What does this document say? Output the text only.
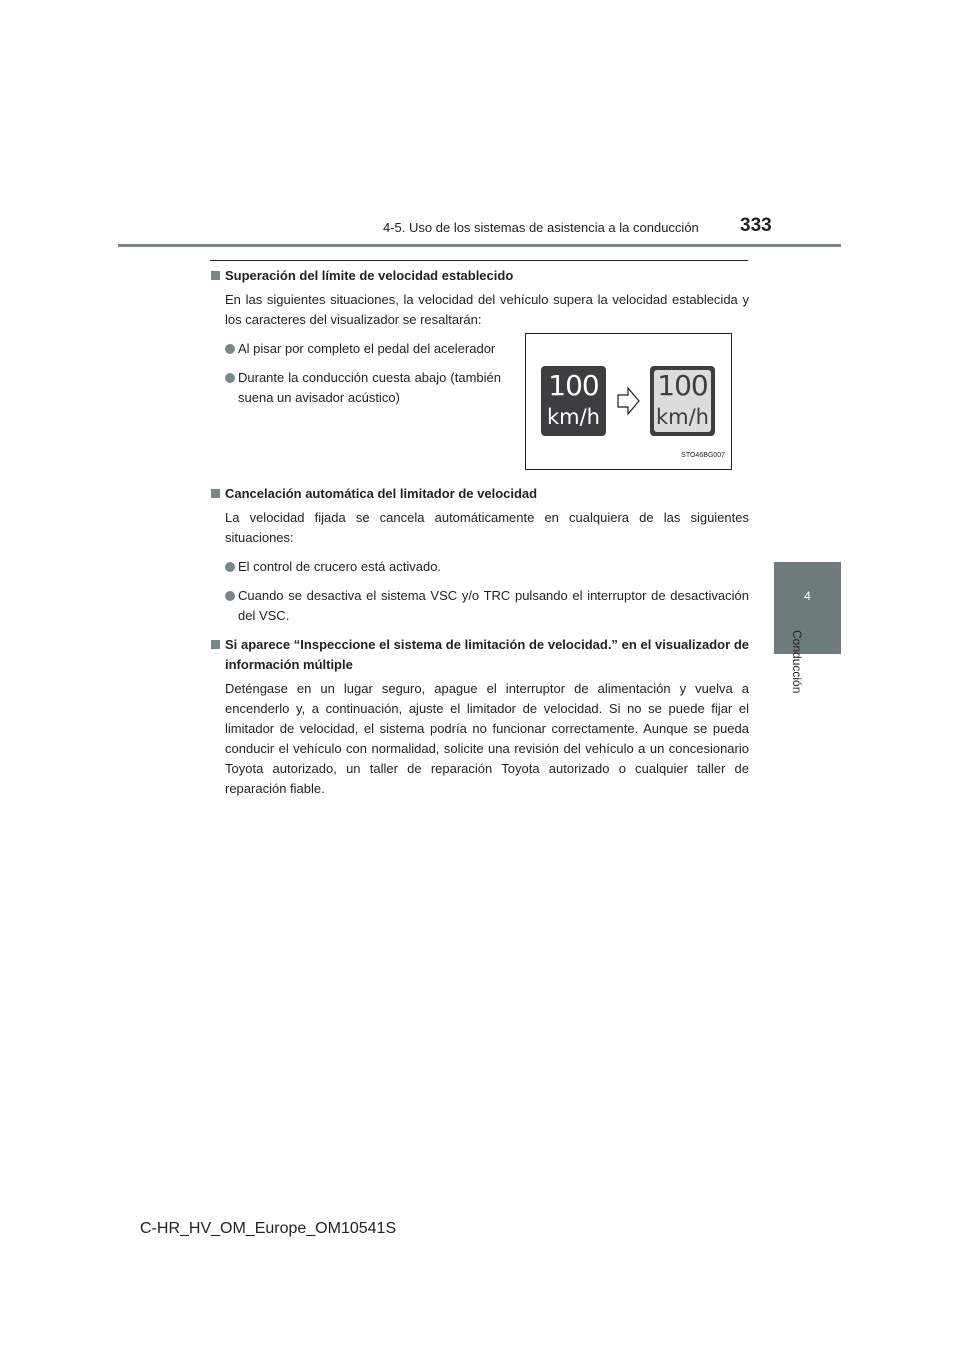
4-5. Uso de los sistemas de asistencia a la conducción 333
4
Conducción
Superación del límite de velocidad establecido
En las siguientes situaciones, la velocidad del vehículo supera la velocidad establecida y los caracteres del visualizador se resaltarán:
Al pisar por completo el pedal del acelerador
Durante la conducción cuesta abajo (también suena un avisador acústico)	100
km/h
100
km/h
STO46BG007
Cancelación automática del limitador de velocidad
La velocidad fijada se cancela automáticamente en cualquiera de las siguientes situaciones:
El control de crucero está activado.
Cuando se desactiva el sistema VSC y/o TRC pulsando el interruptor de desactivación del VSC.
Si aparece “Inspeccione el sistema de limitación de velocidad.” en el visualizador de información múltiple
Deténgase en un lugar seguro, apague el interruptor de alimentación y vuelva a encenderlo y, a continuación, ajuste el limitador de velocidad. Si no se puede fijar el limitador de velocidad, el sistema podría no funcionar correctamente. Aunque se pueda conducir el vehículo con normalidad, solicite una revisión del vehículo a un concesionario Toyota autorizado, un taller de reparación Toyota autorizado o cualquier taller de reparación fiable.
C-HR_HV_OM_Europe_OM10541S
